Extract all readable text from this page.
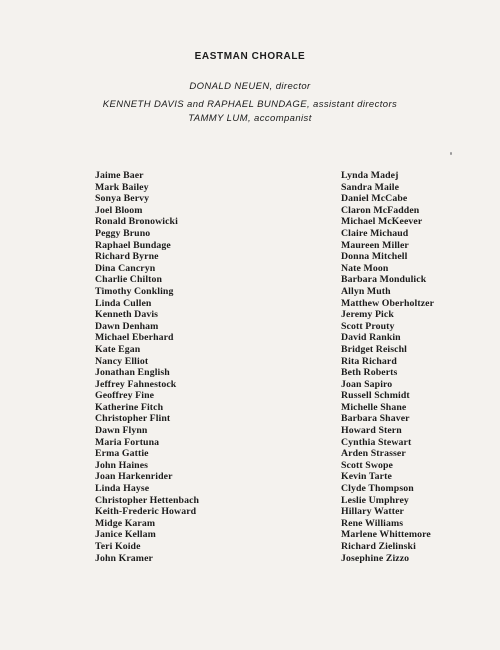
EASTMAN CHORALE
DONALD NEUEN, director
KENNETH DAVIS and RAPHAEL BUNDAGE, assistant directors
TAMMY LUM, accompanist
Jaime Baer
Mark Bailey
Sonya Bervy
Joel Bloom
Ronald Bronowicki
Peggy Bruno
Raphael Bundage
Richard Byrne
Dina Cancryn
Charlie Chilton
Timothy Conkling
Linda Cullen
Kenneth Davis
Dawn Denham
Michael Eberhard
Kate Egan
Nancy Elliot
Jonathan English
Jeffrey Fahnestock
Geoffrey Fine
Katherine Fitch
Christopher Flint
Dawn Flynn
Maria Fortuna
Erma Gattie
John Haines
Joan Harkenrider
Linda Hayse
Christopher Hettenbach
Keith-Frederic Howard
Midge Karam
Janice Kellam
Teri Koide
John Kramer
Lynda Madej
Sandra Maile
Daniel McCabe
Claron McFadden
Michael McKeever
Claire Michaud
Maureen Miller
Donna Mitchell
Nate Moon
Barbara Mondulick
Allyn Muth
Matthew Oberholtzer
Jeremy Pick
Scott Prouty
David Rankin
Bridget Reischl
Rita Richard
Beth Roberts
Joan Sapiro
Russell Schmidt
Michelle Shane
Barbara Shaver
Howard Stern
Cynthia Stewart
Arden Strasser
Scott Swope
Kevin Tarte
Clyde Thompson
Leslie Umphrey
Hillary Watter
Rene Williams
Marlene Whittemore
Richard Zielinski
Josephine Zizzo
